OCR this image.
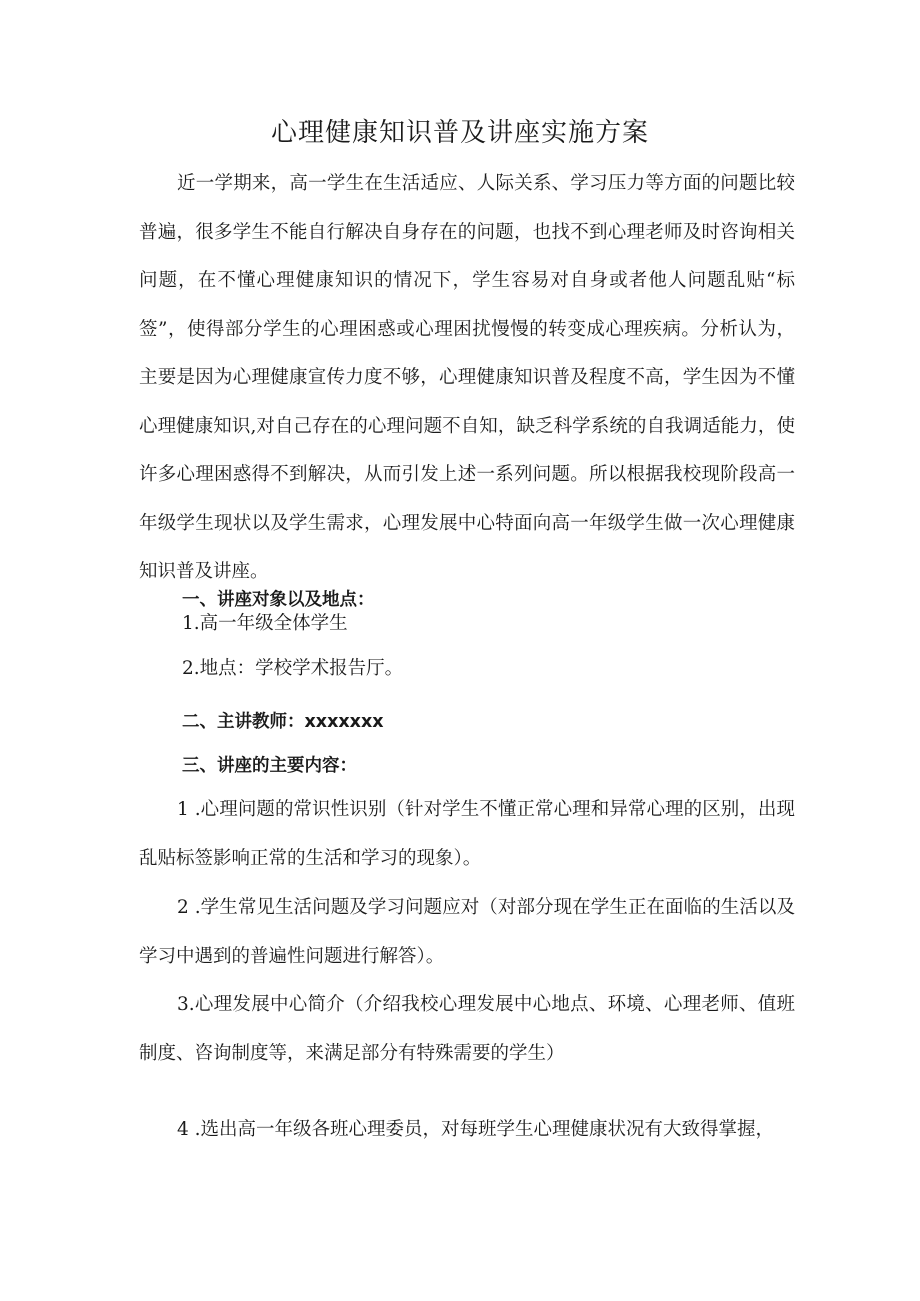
心理健康知识普及讲座实施方案

近一学期来，高一学生在生活适应、人际关系、学习压力等方面的问题比较普遍，很多学生不能自行解决自身存在的问题，也找不到心理老师及时咨询相关问题，在不懂心理健康知识的情况下，学生容易对自身或者他人问题乱贴“标签”，使得部分学生的心理困惑或心理困扰慢慢的转变成心理疾病。分析认为，主要是因为心理健康宣传力度不够，心理健康知识普及程度不高，学生因为不懂心理健康知识,对自己存在的心理问题不自知，缺乏科学系统的自我调适能力，使许多心理困惑得不到解决，从而引发上述一系列问题。所以根据我校现阶段高一年级学生现状以及学生需求，心理发展中心特面向高一年级学生做一次心理健康知识普及讲座。

一、讲座对象以及地点：
1.高一年级全体学生
2.地点：学校学术报告厅。
二、主讲教师：xxxxxxx
三、讲座的主要内容：

1 .心理问题的常识性识别（针对学生不懂正常心理和异常心理的区别，出现乱贴标签影响正常的生活和学习的现象）。

2 .学生常见生活问题及学习问题应对（对部分现在学生正在面临的生活以及学习中遇到的普遍性问题进行解答）。

3.心理发展中心简介（介绍我校心理发展中心地点、环境、心理老师、值班制度、咨询制度等，来满足部分有特殊需要的学生）

4 .选出高一年级各班心理委员，对每班学生心理健康状况有大致得掌握，
